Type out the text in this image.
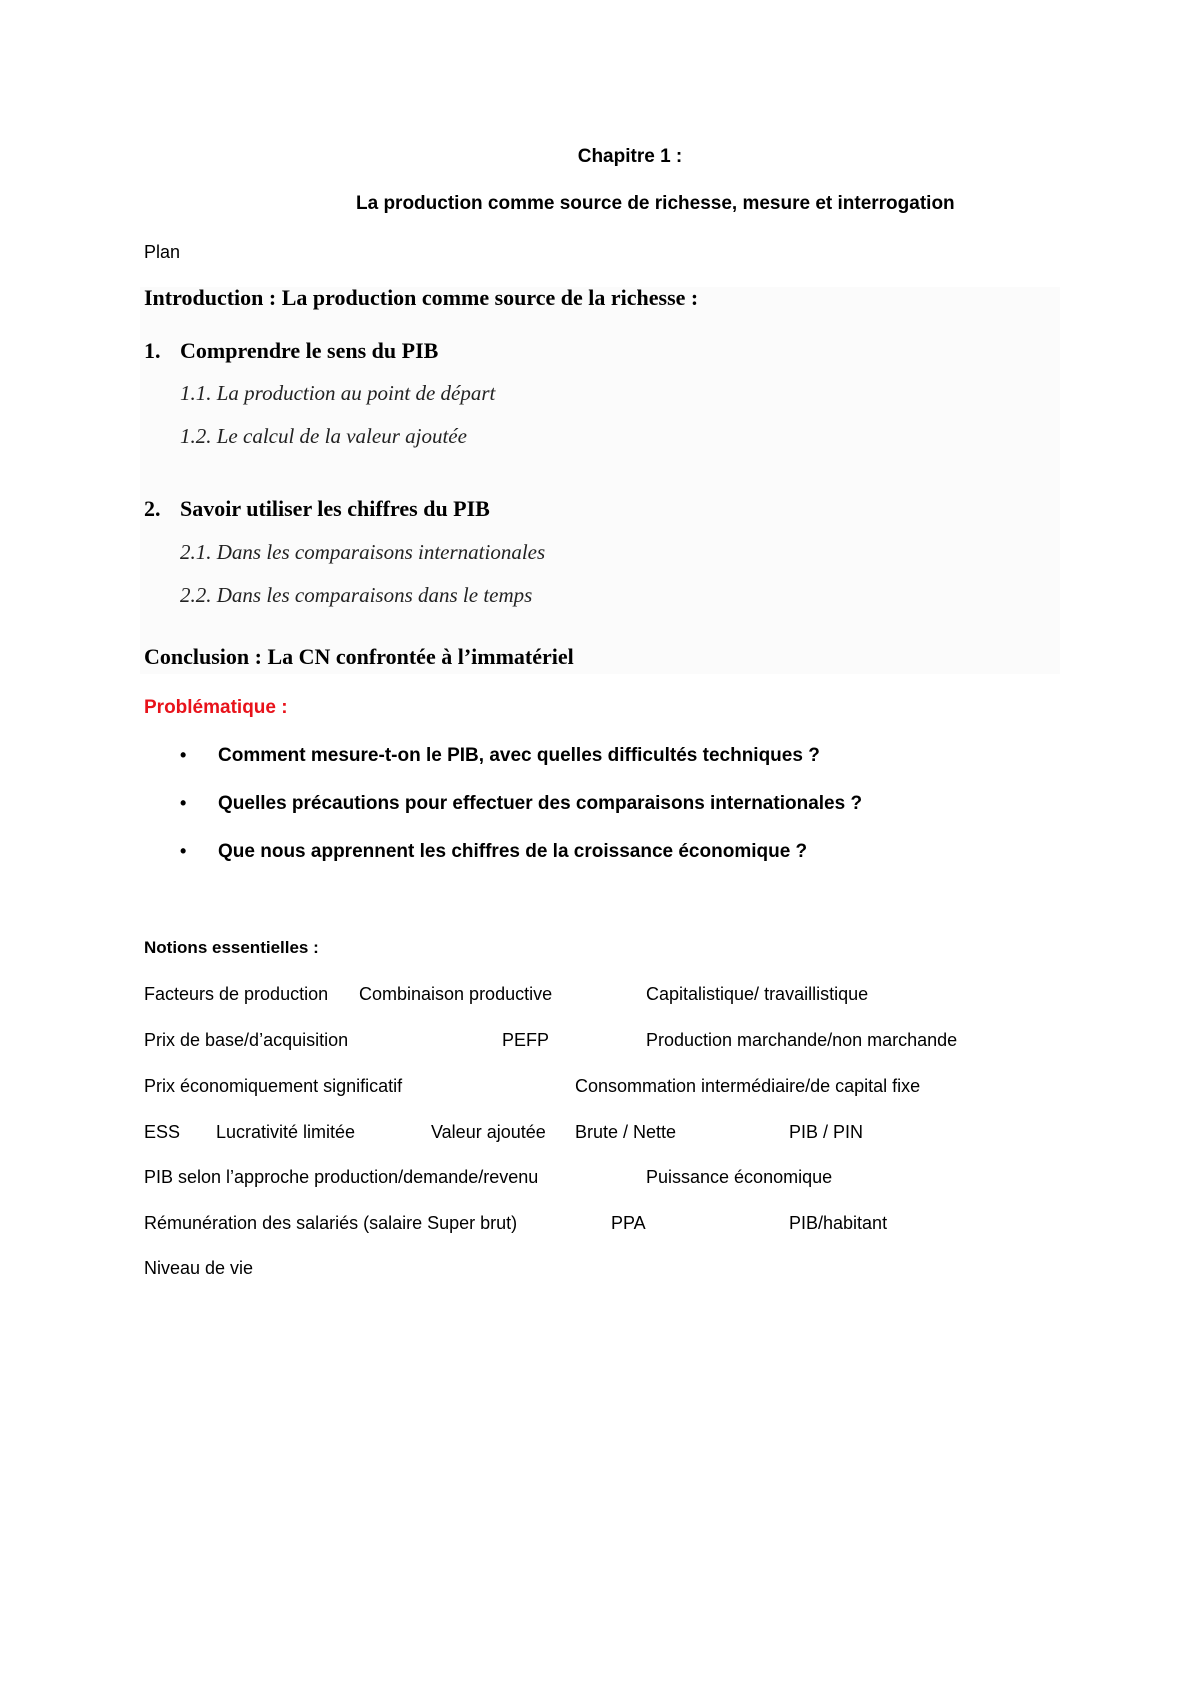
Chapitre 1 :
La production comme source de richesse, mesure et interrogation
Plan
Introduction : La production comme source de la richesse :
1. Comprendre le sens du PIB
1.1. La production au point de départ
1.2. Le calcul de la valeur ajoutée
2. Savoir utiliser les chiffres du PIB
2.1. Dans les comparaisons internationales
2.2. Dans les comparaisons dans le temps
Conclusion : La CN confrontée à l’immatériel
Problématique :
• Comment mesure-t-on le PIB, avec quelles difficultés techniques ?
• Quelles précautions pour effectuer des comparaisons internationales ?
• Que nous apprennent les chiffres de la croissance économique ?
Notions essentielles :
Facteurs de production Combinaison productive	Capitalistique/ travaillistique
Prix de base/d’acquisition	PEFP	Production marchande/non marchande
Prix économiquement significatif	Consommation intermédiaire/de capital fixe
ESS Lucrativité limitée	Valeur ajoutée Brute / Nette	PIB / PIN
PIB selon l’approche production/demande/revenu	Puissance économique
Rémunération des salariés (salaire Super brut)	PPA	PIB/habitant
Niveau de vie
